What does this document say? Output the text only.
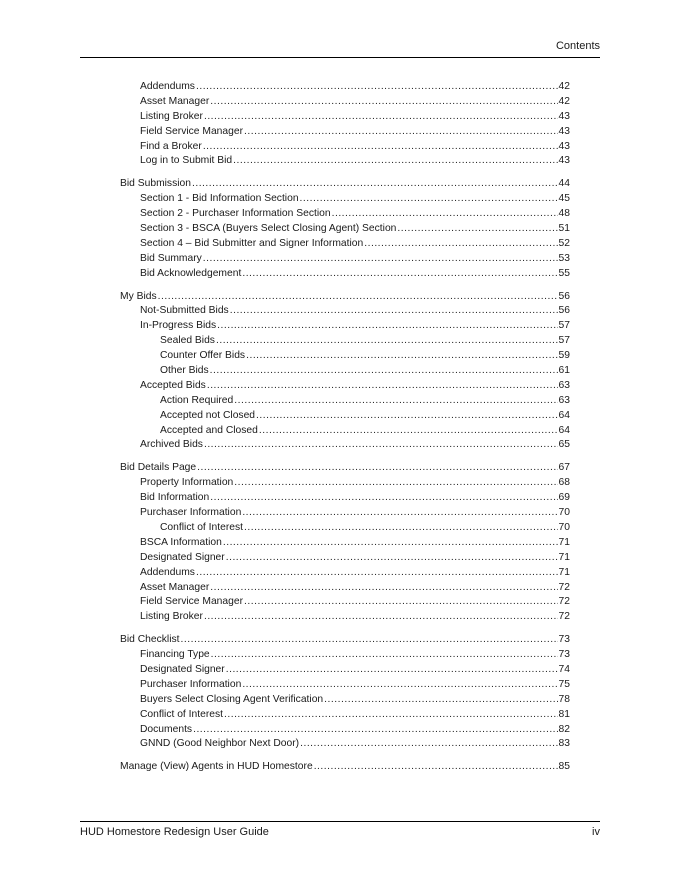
Contents
Addendums .....	42
Asset Manager .....	42
Listing Broker .....	43
Field Service Manager .....	43
Find a Broker .....	43
Log in to Submit Bid .....	43
Bid Submission .....	44
Section 1 - Bid Information Section .....	45
Section 2 - Purchaser Information Section .....	48
Section 3 - BSCA (Buyers Select Closing Agent) Section .....	51
Section 4 – Bid Submitter and Signer Information .....	52
Bid Summary .....	53
Bid Acknowledgement .....	55
My Bids .....	56
Not-Submitted Bids .....	56
In-Progress Bids .....	57
Sealed Bids .....	57
Counter Offer Bids .....	59
Other Bids .....	61
Accepted Bids .....	63
Action Required .....	63
Accepted not Closed .....	64
Accepted and Closed .....	64
Archived Bids .....	65
Bid Details Page .....	67
Property Information .....	68
Bid Information .....	69
Purchaser Information .....	70
Conflict of Interest .....	70
BSCA Information .....	71
Designated Signer .....	71
Addendums .....	71
Asset Manager .....	72
Field Service Manager .....	72
Listing Broker .....	72
Bid Checklist .....	73
Financing Type .....	73
Designated Signer .....	74
Purchaser Information .....	75
Buyers Select Closing Agent Verification .....	78
Conflict of Interest .....	81
Documents .....	82
GNND (Good Neighbor Next Door) .....	83
Manage (View) Agents in HUD Homestore .....	85
HUD Homestore Redesign User Guide	iv
